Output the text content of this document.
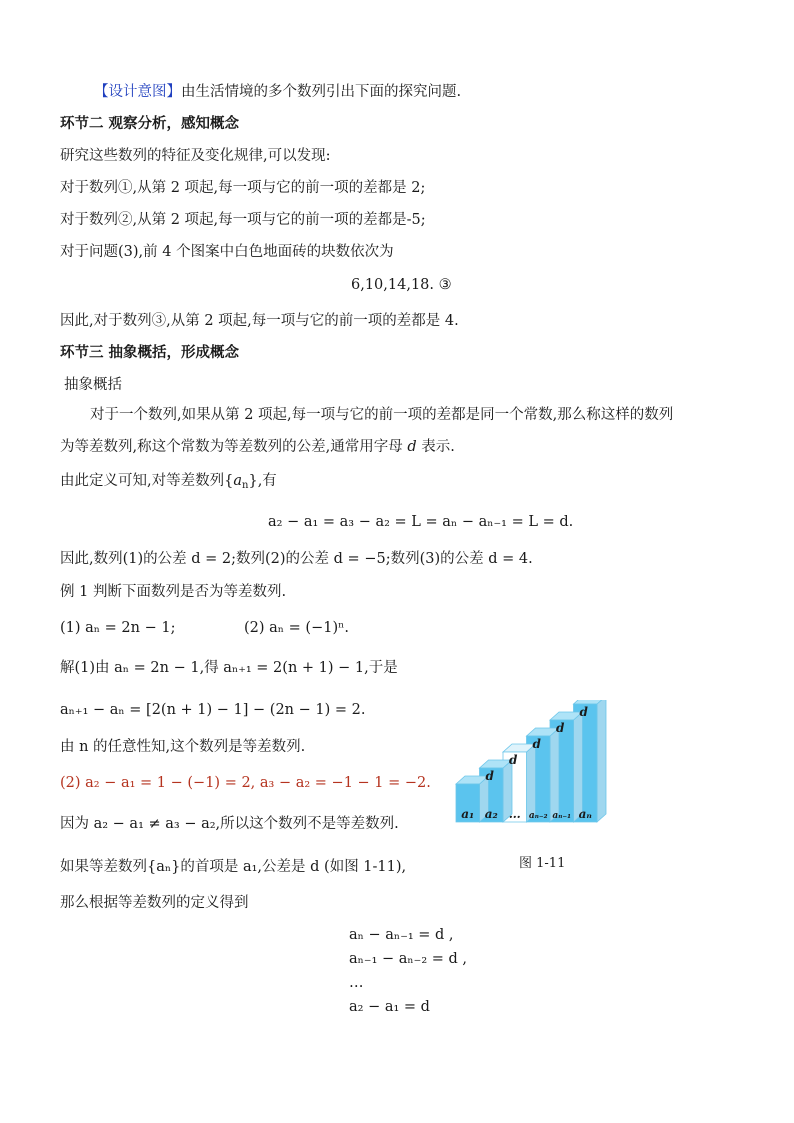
【设计意图】由生活情境的多个数列引出下面的探究问题.
环节二 观察分析，感知概念
研究这些数列的特征及变化规律,可以发现:
对于数列①,从第 2 项起,每一项与它的前一项的差都是 2;
对于数列②,从第 2 项起,每一项与它的前一项的差都是-5;
对于问题(3),前 4 个图案中白色地面砖的块数依次为
6,10,14,18. ③
因此,对于数列③,从第 2 项起,每一项与它的前一项的差都是 4.
环节三 抽象概括，形成概念
抽象概括
对于一个数列,如果从第 2 项起,每一项与它的前一项的差都是同一个常数,那么称这样的数列
为等差数列,称这个常数为等差数列的公差,通常用字母 d 表示.
由此定义可知,对等差数列$\{a_n\}$,有
a₂ − a₁ = a₃ − a₂ = L = aₙ − aₙ₋₁ = L = d.
因此,数列(1)的公差 d = 2;数列(2)的公差 d = −5;数列(3)的公差 d = 4.
例 1 判断下面数列是否为等差数列.
(1) aₙ = 2n − 1;	(2) aₙ = (−1)ⁿ.
解(1)由 aₙ = 2n − 1,得 aₙ₊₁ = 2(n + 1) − 1,于是
aₙ₊₁ − aₙ = [2(n + 1) − 1] − (2n − 1) = 2.
由 n 的任意性知,这个数列是等差数列.
(2) a₂ − a₁ = 1 − (−1) = 2, a₃ − a₂ = −1 − 1 = −2.
因为 a₂ − a₁ ≠ a₃ − a₂,所以这个数列不是等差数列.
如果等差数列{aₙ}的首项是 a₁,公差是 d (如图 1-11),
那么根据等差数列的定义得到
aₙ − aₙ₋₁ = d ,
aₙ₋₁ − aₙ₋₂ = d ,
…
a₂ − a₁ = d
d
d
d
d
d
a₁ a₂ … aₙ₋₂ aₙ₋₁ aₙ
图 1-11
